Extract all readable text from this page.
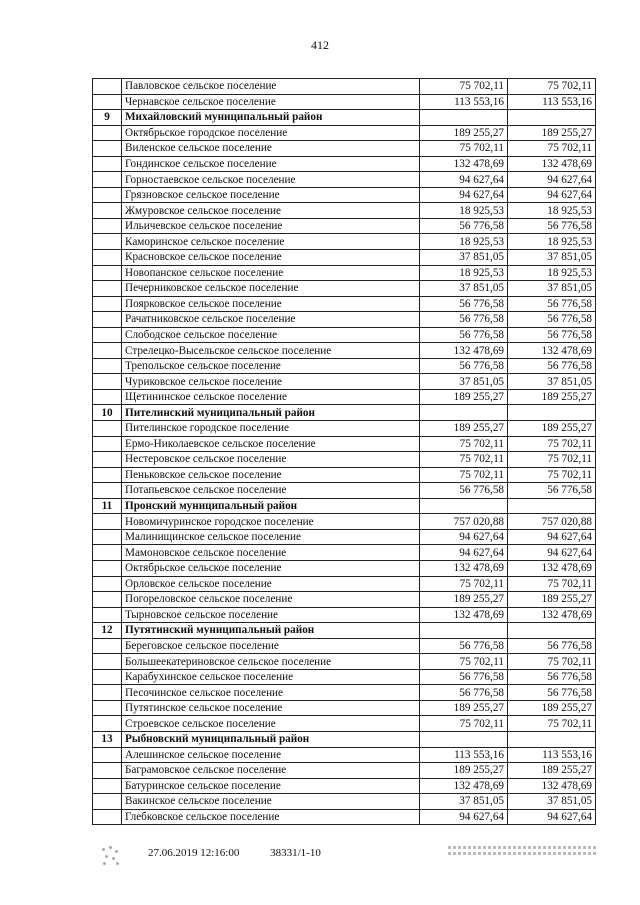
412
	Павловское сельское поселение	75 702,11	75 702,11
	Чернавское сельское поселение	113 553,16	113 553,16
9	Михайловский муниципальный район		
	Октябрьское городское поселение	189 255,27	189 255,27
	Виленское сельское поселение	75 702,11	75 702,11
	Гондинское сельское поселение	132 478,69	132 478,69
	Горностаевское сельское поселение	94 627,64	94 627,64
	Грязновское сельское поселение	94 627,64	94 627,64
	Жмуровское сельское поселение	18 925,53	18 925,53
	Ильичевское сельское поселение	56 776,58	56 776,58
	Каморинское сельское поселение	18 925,53	18 925,53
	Красновское сельское поселение	37 851,05	37 851,05
	Новопанское сельское поселение	18 925,53	18 925,53
	Печерниковское сельское поселение	37 851,05	37 851,05
	Поярковское сельское поселение	56 776,58	56 776,58
	Рачатниковское сельское поселение	56 776,58	56 776,58
	Слободское сельское поселение	56 776,58	56 776,58
	Стрелецко-Высельское сельское поселение	132 478,69	132 478,69
	Трепольское сельское поселение	56 776,58	56 776,58
	Чуриковское сельское поселение	37 851,05	37 851,05
	Щетининское сельское поселение	189 255,27	189 255,27
10	Пителинский муниципальный район		
	Пителинское городское поселение	189 255,27	189 255,27
	Ермо-Николаевское сельское поселение	75 702,11	75 702,11
	Нестеровское сельское поселение	75 702,11	75 702,11
	Пеньковское сельское поселение	75 702,11	75 702,11
	Потапьевское сельское поселение	56 776,58	56 776,58
11	Пронский муниципальный район		
	Новомичуринское городское поселение	757 020,88	757 020,88
	Малинищинское сельское поселение	94 627,64	94 627,64
	Мамоновское сельское поселение	94 627,64	94 627,64
	Октябрьское сельское поселение	132 478,69	132 478,69
	Орловское сельское поселение	75 702,11	75 702,11
	Погореловское сельское поселение	189 255,27	189 255,27
	Тырновское сельское поселение	132 478,69	132 478,69
12	Путятинский муниципальный район		
	Береговское сельское поселение	56 776,58	56 776,58
	Большеекатериновское сельское поселение	75 702,11	75 702,11
	Карабухинское сельское поселение	56 776,58	56 776,58
	Песочинское сельское поселение	56 776,58	56 776,58
	Путятинское сельское поселение	189 255,27	189 255,27
	Строевское сельское поселение	75 702,11	75 702,11
13	Рыбновский муниципальный район		
	Алешинское сельское поселение	113 553,16	113 553,16
	Баграмовское сельское поселение	189 255,27	189 255,27
	Батуринское сельское поселение	132 478,69	132 478,69
	Вакинское сельское поселение	37 851,05	37 851,05
	Глебковское сельское поселение	94 627,64	94 627,64
27.06.2019 12:16:00	38331/1-10
